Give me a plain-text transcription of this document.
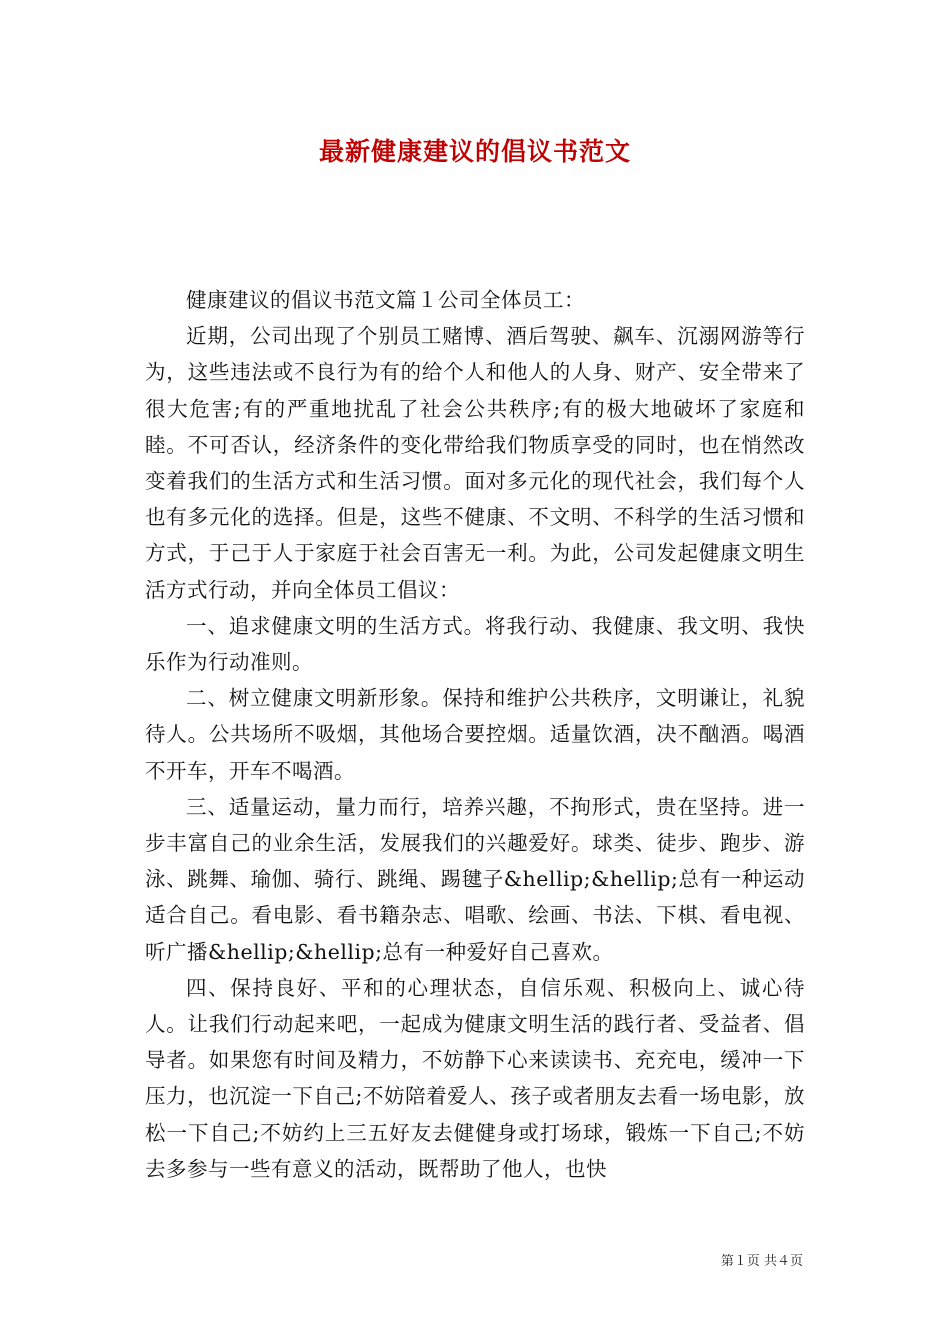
最新健康建议的倡议书范文

健康建议的倡议书范文篇１公司全体员工：

近期，公司出现了个别员工赌博、酒后驾驶、飙车、沉溺网游等行为，这些违法或不良行为有的给个人和他人的人身、财产、安全带来了很大危害;有的严重地扰乱了社会公共秩序;有的极大地破坏了家庭和睦。不可否认，经济条件的变化带给我们物质享受的同时，也在悄然改变着我们的生活方式和生活习惯。面对多元化的现代社会，我们每个人也有多元化的选择。但是，这些不健康、不文明、不科学的生活习惯和方式，于己于人于家庭于社会百害无一利。为此，公司发起健康文明生活方式行动，并向全体员工倡议：

一、追求健康文明的生活方式。将我行动、我健康、我文明、我快乐作为行动准则。

二、树立健康文明新形象。保持和维护公共秩序，文明谦让，礼貌待人。公共场所不吸烟，其他场合要控烟。适量饮酒，决不酗酒。喝酒不开车，开车不喝酒。

三、适量运动，量力而行，培养兴趣，不拘形式，贵在坚持。进一步丰富自己的业余生活，发展我们的兴趣爱好。球类、徒步、跑步、游泳、跳舞、瑜伽、骑行、跳绳、踢毽子&hellip;&hellip;总有一种运动适合自己。看电影、看书籍杂志、唱歌、绘画、书法、下棋、看电视、听广播&hellip;&hellip;总有一种爱好自己喜欢。

四、保持良好、平和的心理状态，自信乐观、积极向上、诚心待人。让我们行动起来吧，一起成为健康文明生活的践行者、受益者、倡导者。如果您有时间及精力，不妨静下心来读读书、充充电，缓冲一下压力，也沉淀一下自己;不妨陪着爱人、孩子或者朋友去看一场电影，放松一下自己;不妨约上三五好友去健健身或打场球，锻炼一下自己;不妨去多参与一些有意义的活动，既帮助了他人，也快

第１页 共４页
